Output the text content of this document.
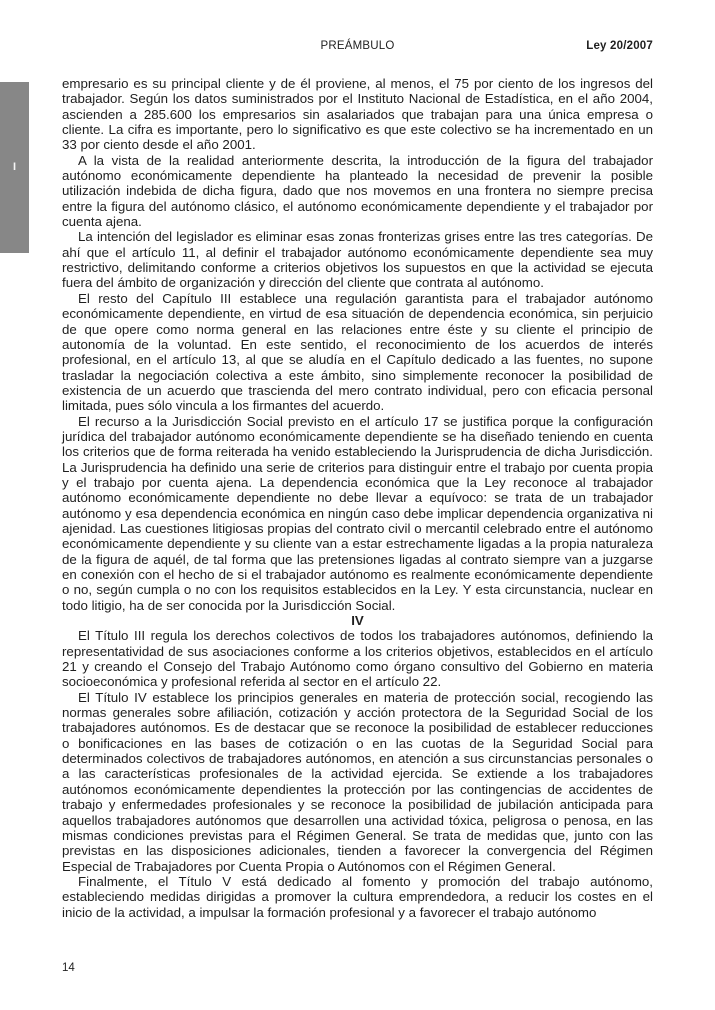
PREÁMBULO	Ley 20/2007
I

empresario es su principal cliente y de él proviene, al menos, el 75 por ciento de los ingresos del trabajador. Según los datos suministrados por el Instituto Nacional de Estadística, en el año 2004, ascienden a 285.600 los empresarios sin asalariados que trabajan para una única empresa o cliente. La cifra es importante, pero lo significativo es que este colectivo se ha incrementado en un 33 por ciento desde el año 2001.

A la vista de la realidad anteriormente descrita, la introducción de la figura del trabajador autónomo económicamente dependiente ha planteado la necesidad de prevenir la posible utilización indebida de dicha figura, dado que nos movemos en una frontera no siempre precisa entre la figura del autónomo clásico, el autónomo económicamente dependiente y el trabajador por cuenta ajena.

La intención del legislador es eliminar esas zonas fronterizas grises entre las tres categorías. De ahí que el artículo 11, al definir el trabajador autónomo económicamente dependiente sea muy restrictivo, delimitando conforme a criterios objetivos los supuestos en que la actividad se ejecuta fuera del ámbito de organización y dirección del cliente que contrata al autónomo.

El resto del Capítulo III establece una regulación garantista para el trabajador autónomo económicamente dependiente, en virtud de esa situación de dependencia económica, sin perjuicio de que opere como norma general en las relaciones entre éste y su cliente el principio de autonomía de la voluntad. En este sentido, el reconocimiento de los acuerdos de interés profesional, en el artículo 13, al que se aludía en el Capítulo dedicado a las fuentes, no supone trasladar la negociación colectiva a este ámbito, sino simplemente reconocer la posibilidad de existencia de un acuerdo que trascienda del mero contrato individual, pero con eficacia personal limitada, pues sólo vincula a los firmantes del acuerdo.

El recurso a la Jurisdicción Social previsto en el artículo 17 se justifica porque la configuración jurídica del trabajador autónomo económicamente dependiente se ha diseñado teniendo en cuenta los criterios que de forma reiterada ha venido estableciendo la Jurisprudencia de dicha Jurisdicción. La Jurisprudencia ha definido una serie de criterios para distinguir entre el trabajo por cuenta propia y el trabajo por cuenta ajena. La dependencia económica que la Ley reconoce al trabajador autónomo económicamente dependiente no debe llevar a equívoco: se trata de un trabajador autónomo y esa dependencia económica en ningún caso debe implicar dependencia organizativa ni ajenidad. Las cuestiones litigiosas propias del contrato civil o mercantil celebrado entre el autónomo económicamente dependiente y su cliente van a estar estrechamente ligadas a la propia naturaleza de la figura de aquél, de tal forma que las pretensiones ligadas al contrato siempre van a juzgarse en conexión con el hecho de si el trabajador autónomo es realmente económicamente dependiente o no, según cumpla o no con los requisitos establecidos en la Ley. Y esta circunstancia, nuclear en todo litigio, ha de ser conocida por la Jurisdicción Social.

IV

El Título III regula los derechos colectivos de todos los trabajadores autónomos, definiendo la representatividad de sus asociaciones conforme a los criterios objetivos, establecidos en el artículo 21 y creando el Consejo del Trabajo Autónomo como órgano consultivo del Gobierno en materia socioeconómica y profesional referida al sector en el artículo 22.

El Título IV establece los principios generales en materia de protección social, recogiendo las normas generales sobre afiliación, cotización y acción protectora de la Seguridad Social de los trabajadores autónomos. Es de destacar que se reconoce la posibilidad de establecer reducciones o bonificaciones en las bases de cotización o en las cuotas de la Seguridad Social para determinados colectivos de trabajadores autónomos, en atención a sus circunstancias personales o a las características profesionales de la actividad ejercida. Se extiende a los trabajadores autónomos económicamente dependientes la protección por las contingencias de accidentes de trabajo y enfermedades profesionales y se reconoce la posibilidad de jubilación anticipada para aquellos trabajadores autónomos que desarrollen una actividad tóxica, peligrosa o penosa, en las mismas condiciones previstas para el Régimen General. Se trata de medidas que, junto con las previstas en las disposiciones adicionales, tienden a favorecer la convergencia del Régimen Especial de Trabajadores por Cuenta Propia o Autónomos con el Régimen General.

Finalmente, el Título V está dedicado al fomento y promoción del trabajo autónomo, estableciendo medidas dirigidas a promover la cultura emprendedora, a reducir los costes en el inicio de la actividad, a impulsar la formación profesional y a favorecer el trabajo autónomo

14
